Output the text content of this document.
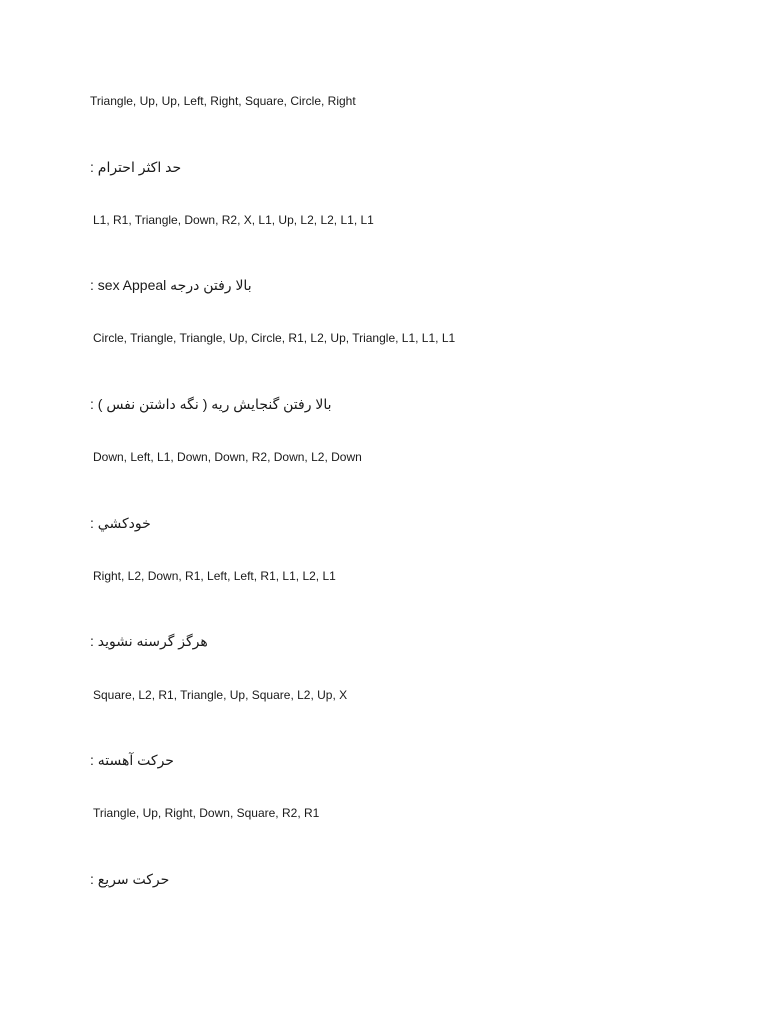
Triangle, Up, Up, Left, Right, Square, Circle, Right
حد اکثر احترام :
L1, R1, Triangle, Down, R2, X, L1, Up, L2, L2, L1, L1
بالا رفتن درجه sex Appeal :
Circle, Triangle, Triangle, Up, Circle, R1, L2, Up, Triangle, L1, L1, L1
بالا رفتن گنجايش ريه ( نگه داشتن نفس ) :
Down, Left, L1, Down, Down, R2, Down, L2, Down
خودکشي :
Right, L2, Down, R1, Left, Left, R1, L1, L2, L1
هرگز گرسنه نشويد :
Square, L2, R1, Triangle, Up, Square, L2, Up, X
حرکت آهسته :
Triangle, Up, Right, Down, Square, R2, R1
حرکت سريع :
